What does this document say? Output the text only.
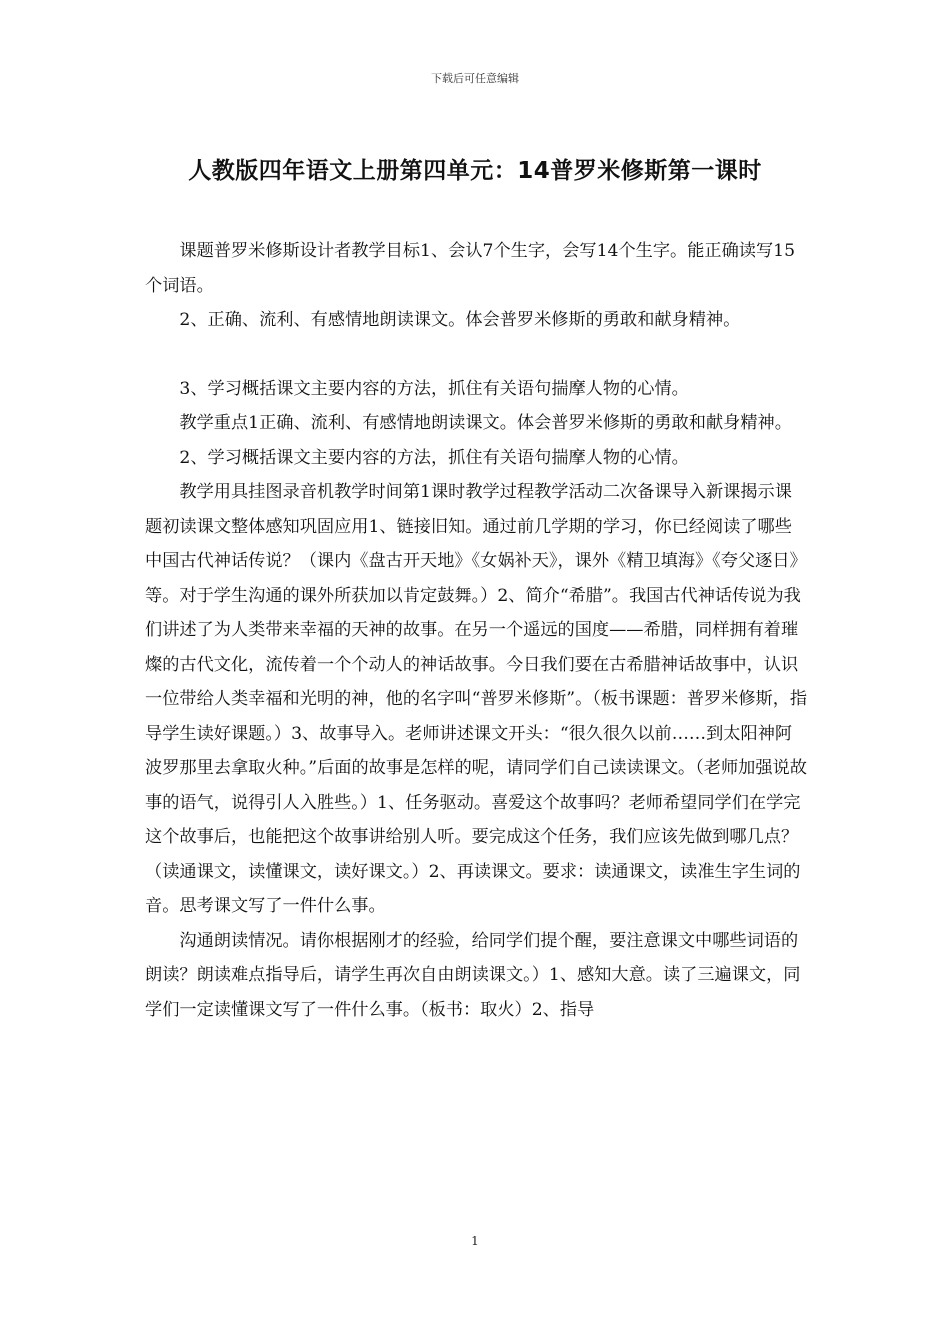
下载后可任意编辑
人教版四年语文上册第四单元：14普罗米修斯第一课时

课题普罗米修斯设计者教学目标1、会认7个生字，会写14个生字。能正确读写15个词语。

2、正确、流利、有感情地朗读课文。体会普罗米修斯的勇敢和献身精神。

3、学习概括课文主要内容的方法，抓住有关语句揣摩人物的心情。

教学重点1正确、流利、有感情地朗读课文。体会普罗米修斯的勇敢和献身精神。

2、学习概括课文主要内容的方法，抓住有关语句揣摩人物的心情。

教学用具挂图录音机教学时间第1课时教学过程教学活动二次备课导入新课揭示课题初读课文整体感知巩固应用1、链接旧知。通过前几学期的学习，你已经阅读了哪些中国古代神话传说？（课内《盘古开天地》《女娲补天》，课外《精卫填海》《夸父逐日》等。对于学生沟通的课外所获加以肯定鼓舞。）2、简介“希腊”。我国古代神话传说为我们讲述了为人类带来幸福的天神的故事。在另一个遥远的国度——希腊，同样拥有着璀燦的古代文化，流传着一个个动人的神话故事。今日我们要在古希腊神话故事中，认识一位带给人类幸福和光明的神，他的名字叫“普罗米修斯”。（板书课题：普罗米修斯，指导学生读好课题。）3、故事导入。老师讲述课文开头：“很久很久以前……到太阳神阿波罗那里去拿取火种。”后面的故事是怎样的呢，请同学们自己读读课文。（老师加强说故事的语气，说得引人入胜些。）1、任务驱动。喜爱这个故事吗？老师希望同学们在学完这个故事后，也能把这个故事讲给别人听。要完成这个任务，我们应该先做到哪几点？（读通课文，读懂课文，读好课文。）2、再读课文。要求：读通课文，读准生字生词的音。思考课文写了一件什么事。

沟通朗读情况。请你根据刚才的经验，给同学们提个醒，要注意课文中哪些词语的朗读？朗读难点指导后，请学生再次自由朗读课文。）1、感知大意。读了三遍课文，同学们一定读懂课文写了一件什么事。（板书：取火）2、指导

1
